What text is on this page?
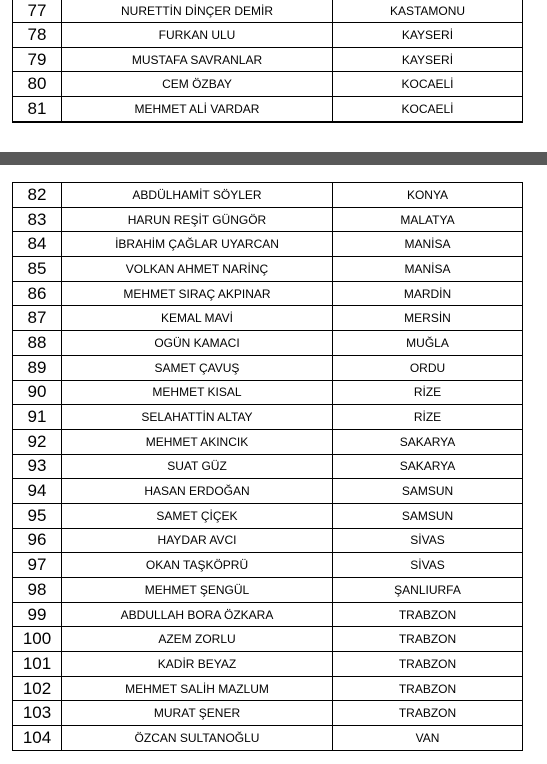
77	NURETTİN DİNÇER DEMİR	KASTAMONU
78	FURKAN ULU	KAYSERİ
79	MUSTAFA SAVRANLAR	KAYSERİ
80	CEM ÖZBAY	KOCAELİ
81	MEHMET ALİ VARDAR	KOCAELİ
82	ABDÜLHAMİT SÖYLER	KONYA
83	HARUN REŞİT GÜNGÖR	MALATYA
84	İBRAHİM ÇAĞLAR UYARCAN	MANİSA
85	VOLKAN AHMET NARİNÇ	MANİSA
86	MEHMET SIRAÇ AKPINAR	MARDİN
87	KEMAL MAVİ	MERSİN
88	OGÜN KAMACI	MUĞLA
89	SAMET ÇAVUŞ	ORDU
90	MEHMET KISAL	RİZE
91	SELAHATTİN ALTAY	RİZE
92	MEHMET AKINCIK	SAKARYA
93	SUAT GÜZ	SAKARYA
94	HASAN ERDOĞAN	SAMSUN
95	SAMET ÇİÇEK	SAMSUN
96	HAYDAR AVCI	SİVAS
97	OKAN TAŞKÖPRÜ	SİVAS
98	MEHMET ŞENGÜL	ŞANLIURFA
99	ABDULLAH BORA ÖZKARA	TRABZON
100	AZEM ZORLU	TRABZON
101	KADİR BEYAZ	TRABZON
102	MEHMET SALİH MAZLUM	TRABZON
103	MURAT ŞENER	TRABZON
104	ÖZCAN SULTANOĞLU	VAN
